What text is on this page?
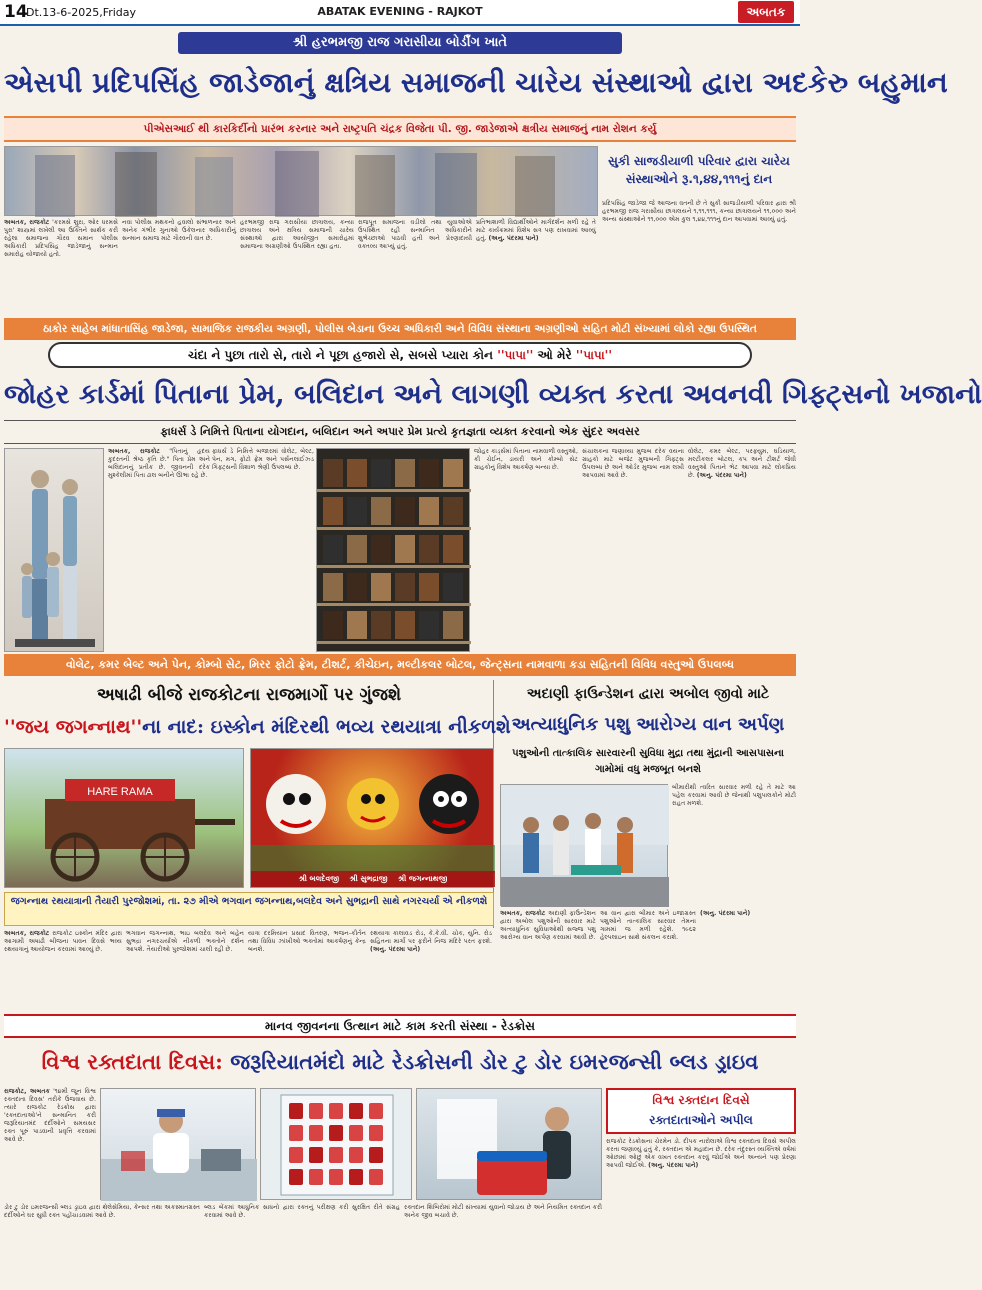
14
Dt.13-6-2025,Friday	ABATAK EVENING - RAJKOT	અબતક
શ્રી હરભમજી રાજ ગરાસીયા બોર્ડીંગ ખાતે
એસપી પ્રદિપસિંહ જાડેજાનું ક્ષત્રિય સમાજની ચારેય સંસ્થાઓ દ્વારા અદકેરુ બહુમાન
પીએસઆઈ થી કારકિર્દીનો પ્રારંભ કરનાર અને રાષ્ટ્રપતિ ચંદ્રક વિજેતા પી. જી. જાડેજાએ ક્ષત્રીય સમાજનું નામ રોશન કર્યુ
સુકી સાજડીયાળી પરિવાર દ્વારા ચારેય
સંસ્થાઓને રૂ.૧,૪૪,૧૧૧નું દાન
પ્રદિપસિંહ જાડેજા જે આજના વતની છે તે સુકી સાજડીયાળી પરિવાર દ્વારા શ્રી હરભમજી રાજ ગરાસીયા છાત્રાલયને ૧,૧૧,૧૧૧, કન્યા છાત્રાલયને ૧૧,૦૦૦ અને અન્ય સંસ્થાઓને ૧૧,૦૦૦ એમ કુલ ૧,૪૪,૧૧૧નું દાન આપવામાં આવ્યું હતું.
અબતક, રાજકોટ 'કરમસે શુરા, ઓર ધરમસે પુરા' શાસ્ત્રમાં લખેલી આ ઉક્તિને સાર્થક કરી રહેલા સમાજના ગૌરવ સમાન પોલીસ અધિકારી પ્રદિપસિંહ જાડેજાનું સન્માન સમારોહ યોજાયો હતો.
નવા પોલીસ મથકનો હવાલો સંભાળનાર અને અનેક ગંભીર ગુનાઓ ઉકેલનાર અધિકારીનું સન્માન સમાજ માટે ગૌરવની વાત છે.
હરભમજી રાજ ગરાસીયા છાત્રાલય, કન્યા છાત્રાલય અને ક્ષત્રિય સમાજની ચારેય સંસ્થાઓ દ્વારા આયોજીત સમારોહમાં સમાજના અગ્રણીઓ ઉપસ્થિત રહ્યા હતા.
રાજપૂત સમાજના વડીલો તથા યુવાઓએ ઉપસ્થિત રહી સન્માનિત અધિકારીને શુભેચ્છાઓ પાઠવી હતી અને પ્રેરણાદાયી વક્તવ્ય આપ્યું હતું.
પ્રતિભાશાળી વિદ્યાર્થીઓને માર્ગદર્શન મળી રહે તે માટે કાર્યક્રમમાં વિશેષ સત્ર પણ રાખવામાં આવ્યું હતું. (અનુ. પંદરમા પાને)
ઠાકોર સાહેબ માંધાતાસિંહ જાડેજા, સામાજિક રાજકીય અગ્રણી, પોલીસ બેડાના ઉચ્ચ અધિકારી અને વિવિધ સંસ્થાના અગ્રણીઓ સહિત મોટી સંખ્યામાં લોકો રહ્યા ઉપસ્થિત
ચંદા ને પુછા તારો સે, તારો ને પૂછા હજારો સે, સબસે પ્યારા કોન ''પાપા'' ઓ મેરે ''પાપા''
જોહર કાર્ડમાં પિતાના પ્રેમ, બલિદાન અને લાગણી વ્યક્ત કરતા અવનવી ગિફ્ટ્સનો ખજાનો
ફાધર્સ ડે નિમિત્તે પિતાના યોગદાન, બલિદાન અને અપાર પ્રેમ પ્રત્યે કૃતજ્ઞતા વ્યક્ત કરવાનો એક સુંદર અવસર
અબતક, રાજકોટ "પિતાનું હૃદય કુદરતની શ્રેષ્ઠ કૃતિ છે." પિતા પ્રેમ અને બલિદાનનું પ્રતીક છે. જીવનની દરેક મુશ્કેલીમાં પિતા ઢાલ બનીને ઊભા રહે છે.
ફાધર્સ ડે નિમિત્તે બજારમાં વોલેટ, બેલ્ટ, પેન, મગ, ફોટો ફ્રેમ અને પર્સનલાઈઝ્ડ ગિફ્ટ્સની વિશાળ શ્રેણી ઉપલબ્ધ છે.
જોહર કાર્ડ્સમાં પિતાના નામવાળી વસ્તુઓ, કી ચેઈન, ડાયરી અને કોમ્બો સેટ ગ્રાહકોનું વિશેષ આકર્ષણ બન્યા છે.
સંચાલકના જણાવ્યા મુજબ દરેક વયના ગ્રાહકો માટે બજેટ મુજબની ગિફ્ટ્સ ઉપલબ્ધ છે અને ઓર્ડર મુજબ નામ લખી આપવામાં આવે છે.
વોલેટ, કમર બેલ્ટ, પરફ્યુમ, ઘડિયાળ, મલ્ટીકલર બોટલ, કપ અને ટીશર્ટ જેવી વસ્તુઓ પિતાને ભેટ આપવા માટે લોકપ્રિય છે. (અનુ. પંદરમા પાને)
વોલેટ, કમર બેલ્ટ અને પેન, કોમ્બો સેટ, મિરર ફોટો ફ્રેમ, ટીશર્ટ, કીચેઇન, મલ્ટીકલર બોટલ, જેન્ટ્સના નામવાળા કડા સહિતની વિવિધ વસ્તુઓ ઉપલબ્ધ
અષાઢી બીજે રાજકોટના રાજમાર્ગો પર ગુંજશે
''જય જગન્નાથ''ના નાદ: ઇસ્કોન મંદિરથી ભવ્ય રથયાત્રા નીકળશે
HARE RAMA
શ્રી બલદેવજી શ્રી સુભદ્રાજી શ્રી જગન્નાથજી
જગન્નાથ રથયાત્રાની તૈયારી પુરજોશમાં, તા. ૨૭ મીએ ભગવાન જગન્નાથ,બલદેવ અને સુભદ્રાની સાથે નગરચર્યા એ નીકળશે
અબતક, રાજકોટ રાજકોટ ઇસ્કોન મંદિર દ્વારા આગામી અષાઢી બીજના પાવન દિવસે ભવ્ય રથયાત્રાનું આયોજન કરવામાં આવ્યું છે.
ભગવાન જગન્નાથ, ભાઇ બલદેવ અને બહેન સુભદ્રા નગરચર્યાએ નીકળી ભક્તોને દર્શન આપશે. તૈયારીઓ પુરજોશમાં ચાલી રહી છે.
યાત્રા દરમિયાન પ્રસાદ વિતરણ, ભજન-કીર્તન તથા વિવિધ ઝાંખીઓ ભક્તોમાં આકર્ષણનું કેન્દ્ર બનશે.
રથયાત્રા કાલાવડ રોડ, કે.કે.વી. ચોક, યુનિ. રોડ સહિતના માર્ગો પર ફરીને નિજ મંદિરે પરત ફરશે. (અનુ. પંદરમા પાને)
અદાણી ફાઉન્ડેશન દ્વારા અબોલ જીવો માટે
અત્યાધુનિક પશુ આરોગ્ય વાન અર્પણ
પશુઓની તાત્કાલિક સારવારની સુવિધા મુદ્રા તથા મુંદ્રાની આસપાસના ગામોમાં વધુ મજબૂત બનશે
બીમારીથી ત્વરિત સારવાર મળી રહે તે માટે આ પહેલ કરવામાં આવી છે જેનાથી પશુપાલકોને મોટી રાહત મળશે.
અબતક, રાજકોટ અદાણી ફાઉન્ડેશન દ્વારા અબોલ પશુઓની સારવાર માટે અત્યાધુનિક સુવિધાઓથી સજ્જ પશુ આરોગ્ય વાન અર્પણ કરવામાં આવી છે.
આ વાન દ્વારા બીમાર અને ઇજાગ્રસ્ત પશુઓને તાત્કાલિક સારવાર તેમના ગામમાં જ મળી રહેશે. ૧૯૬૨ હેલ્પલાઇન સાથે સંકલન કરાશે.
(અનુ. પંદરમા પાને)
માનવ જીવનના ઉત્થાન માટે કામ કરતી સંસ્થા - રેડક્રોસ
વિશ્વ રક્તદાતા દિવસ: જરૂરિયાતમંદો માટે રેડક્રોસની ડોર ટુ ડોર ઇમરજન્સી બ્લડ ડ્રાઇવ
રાજકોટ, અબતક '૧૪મી જૂન વિશ્વ રક્તદાતા દિવસ' તરીકે ઉજવાય છે. ત્યારે રાજકોટ રેડક્રોસ દ્વારા 'રક્તદાતાઓ'ને સન્માનિત કરી જરૂરિયાતમંદ દર્દીઓને સમયસર રક્ત પૂરું પાડવાની પ્રવૃત્તિ કરવામાં આવે છે.
વિશ્વ રક્તદાન દિવસે
રક્તદાતાઓને અપીલ
રાજકોટ રેડક્રોસના ચેરમેન ડો. દીપક નારોલાએ વિશ્વ રક્તદાતા દિવસે અપીલ કરતા જણાવ્યું હતું કે, રક્તદાન એ મહાદાન છે. દરેક તંદુરસ્ત વ્યક્તિએ વર્ષમાં ઓછામાં ઓછું એક વખત રક્તદાન કરવું જોઈએ અને અન્યને પણ પ્રેરણા આપવી જોઈએ. (અનુ. પંદરમા પાને)
ડોર ટુ ડોર ઇમરજન્સી બ્લડ ડ્રાઇવ દ્વારા થેલેસેમિયા, કેન્સર તથા અકસ્માતગ્રસ્ત દર્દીઓને ઘર સુધી રક્ત પહોંચાડવામાં આવે છે.
બ્લડ બેંકમાં આધુનિક સાધનો દ્વારા રક્તનું પરીક્ષણ કરી સુરક્ષિત રીતે સંગ્રહ કરવામાં આવે છે.
રક્તદાન શિબિરોમાં મોટી સંખ્યામાં યુવાનો જોડાય છે અને નિયમિત રક્તદાન કરી અનેક જીવ બચાવે છે.
